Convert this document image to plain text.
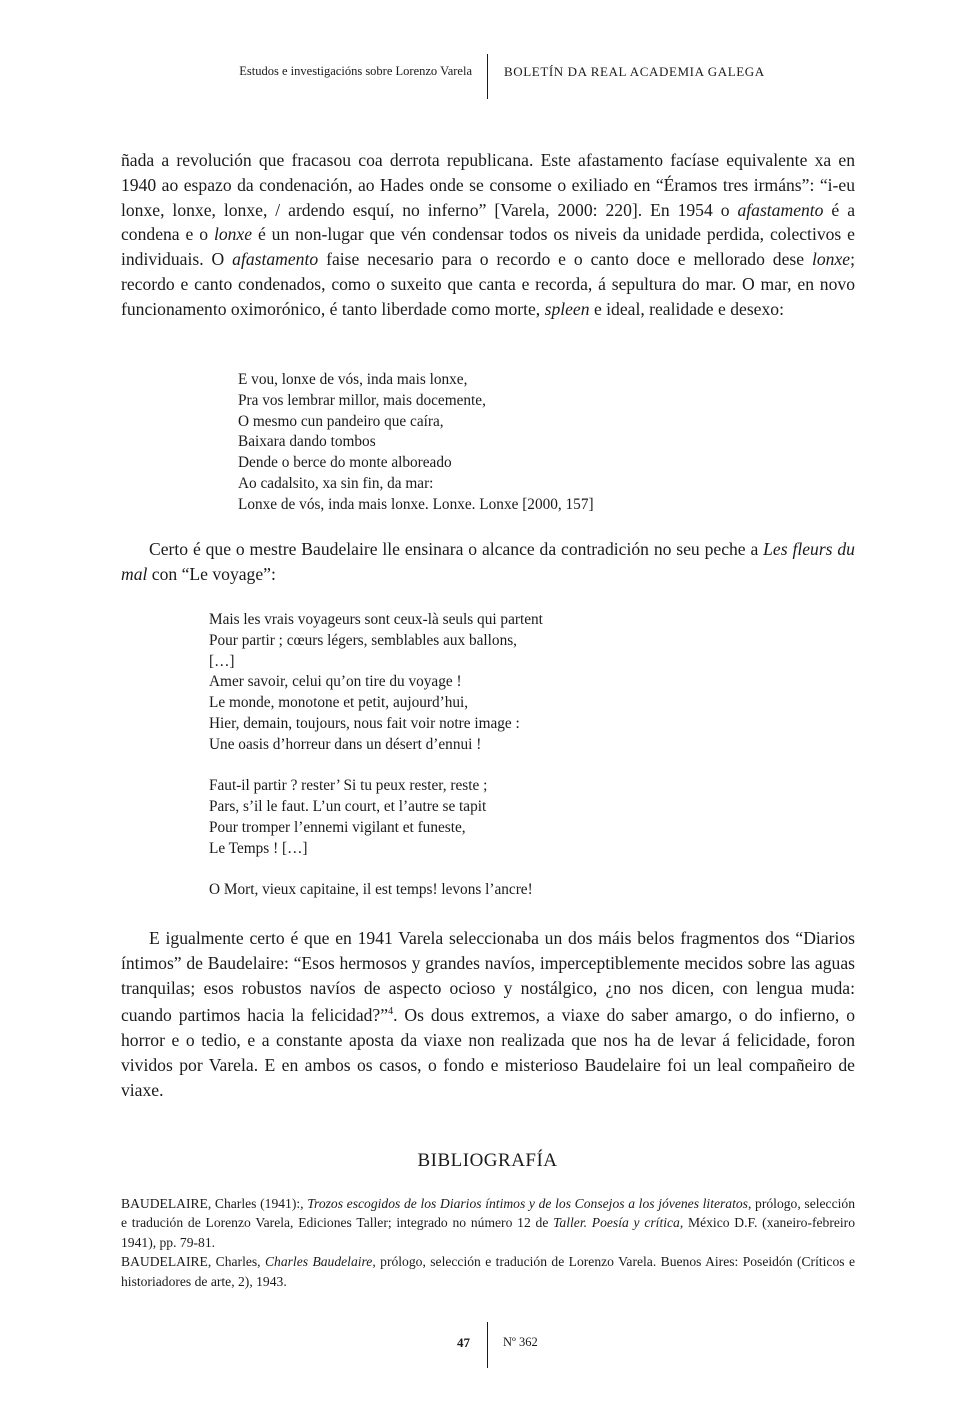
Estudos e investigacións sobre Lorenzo Varela BOLETÍN DA REAL ACADEMIA GALEGA
ñada a revolución que fracasou coa derrota republicana. Este afastamento facíase equivalente xa en 1940 ao espazo da condenación, ao Hades onde se consome o exiliado en “Éramos tres irmáns”: “i-eu lonxe, lonxe, lonxe, / ardendo esquí, no inferno” [Varela, 2000: 220]. En 1954 o afastamento é a condena e o lonxe é un non-lugar que vén condensar todos os niveis da unidade perdida, colectivos e individuais. O afastamento faise necesario para o recordo e o canto doce e mellorado dese lonxe; recordo e canto condenados, como o suxeito que canta e recorda, á sepultura do mar. O mar, en novo funcionamento oximorónico, é tanto liberdade como morte, spleen e ideal, realidade e desexo:
E vou, lonxe de vós, inda mais lonxe,
Pra vos lembrar millor, mais docemente,
O mesmo cun pandeiro que caíra,
Baixara dando tombos
Dende o berce do monte alboreado
Ao cadalsito, xa sin fin, da mar:
Lonxe de vós, inda mais lonxe. Lonxe. Lonxe [2000, 157]
Certo é que o mestre Baudelaire lle ensinara o alcance da contradición no seu peche a Les fleurs du mal con “Le voyage”:
Mais les vrais voyageurs sont ceux-là seuls qui partent
Pour partir ; cœurs légers, semblables aux ballons,
[…]
Amer savoir, celui qu’on tire du voyage !
Le monde, monotone et petit, aujourd’hui,
Hier, demain, toujours, nous fait voir notre image :
Une oasis d’horreur dans un désert d’ennui !
Faut-il partir ? rester’ Si tu peux rester, reste ;
Pars, s’il le faut. L’un court, et l’autre se tapit
Pour tromper l’ennemi vigilant et funeste,
Le Temps ! […]
O Mort, vieux capitaine, il est temps! levons l’ancre!
E igualmente certo é que en 1941 Varela seleccionaba un dos máis belos fragmentos dos “Diarios íntimos” de Baudelaire: “Esos hermosos y grandes navíos, imperceptiblemente mecidos sobre las aguas tranquilas; esos robustos navíos de aspecto ocioso y nostálgico, ¿no nos dicen, con lengua muda: cuando partimos hacia la felicidad?”$^4$. Os dous extremos, a viaxe do saber amargo, o do infierno, o horror e o tedio, e a constante aposta da viaxe non realizada que nos ha de levar á felicidade, foron vividos por Varela. E en ambos os casos, o fondo e misterioso Baudelaire foi un leal compañeiro de viaxe.
BIBLIOGRAFÍA

BAUDELAIRE, Charles (1941):, Trozos escogidos de los Diarios íntimos y de los Consejos a los jóvenes literatos, prólogo, selección e tradución de Lorenzo Varela, Ediciones Taller; integrado no número 12 de Taller. Poesía y crítica, México D.F. (xaneiro-febreiro 1941), pp. 79-81.

BAUDELAIRE, Charles, Charles Baudelaire, prólogo, selección e tradución de Lorenzo Varela. Buenos Aires: Poseidón (Críticos e historiadores de arte, 2), 1943.

47	Nº 362
